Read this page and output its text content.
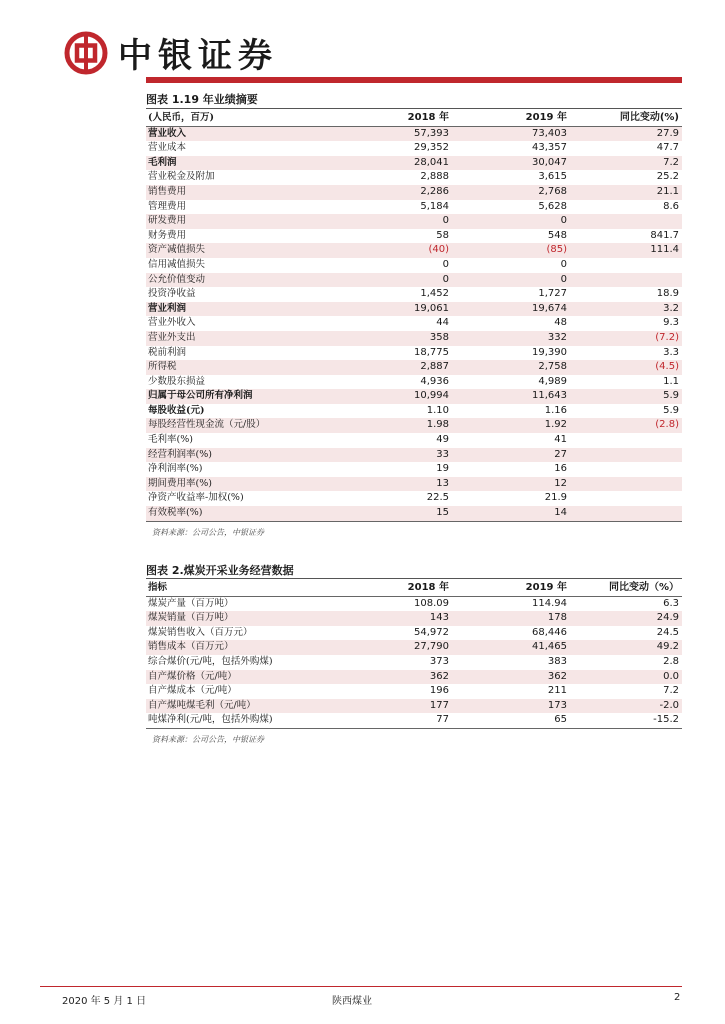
中银证券
图表 1.19 年业绩摘要
(人民币，百万)	2018 年	2019 年	同比变动(%)
营业收入	57,393	73,403	27.9
营业成本	29,352	43,357	47.7
毛利润	28,041	30,047	7.2
营业税金及附加	2,888	3,615	25.2
销售费用	2,286	2,768	21.1
管理费用	5,184	5,628	8.6
研发费用	0	0	
财务费用	58	548	841.7
资产减值损失	(40)	(85)	111.4
信用减值损失	0	0	
公允价值变动	0	0	
投资净收益	1,452	1,727	18.9
营业利润	19,061	19,674	3.2
营业外收入	44	48	9.3
营业外支出	358	332	(7.2)
税前利润	18,775	19,390	3.3
所得税	2,887	2,758	(4.5)
少数股东损益	4,936	4,989	1.1
归属于母公司所有净利润	10,994	11,643	5.9
每股收益(元)	1.10	1.16	5.9
每股经营性现金流（元/股）	1.98	1.92	(2.8)
毛利率(%)	49	41	
经营利润率(%)	33	27	
净利润率(%)	19	16	
期间费用率(%)	13	12	
净资产收益率-加权(%)	22.5	21.9	
有效税率(%)	15	14	
资料来源：公司公告，中银证券
图表 2.煤炭开采业务经营数据
指标	2018 年	2019 年	同比变动（%）
煤炭产量（百万吨）	108.09	114.94	6.3
煤炭销量（百万吨）	143	178	24.9
煤炭销售收入（百万元）	54,972	68,446	24.5
销售成本（百万元）	27,790	41,465	49.2
综合煤价(元/吨，包括外购煤)	373	383	2.8
自产煤价格（元/吨）	362	362	0.0
自产煤成本（元/吨）	196	211	7.2
自产煤吨煤毛利（元/吨）	177	173	-2.0
吨煤净利(元/吨，包括外购煤)	77	65	-15.2
资料来源：公司公告，中银证券
2020 年 5 月 1 日	陕西煤业	2
